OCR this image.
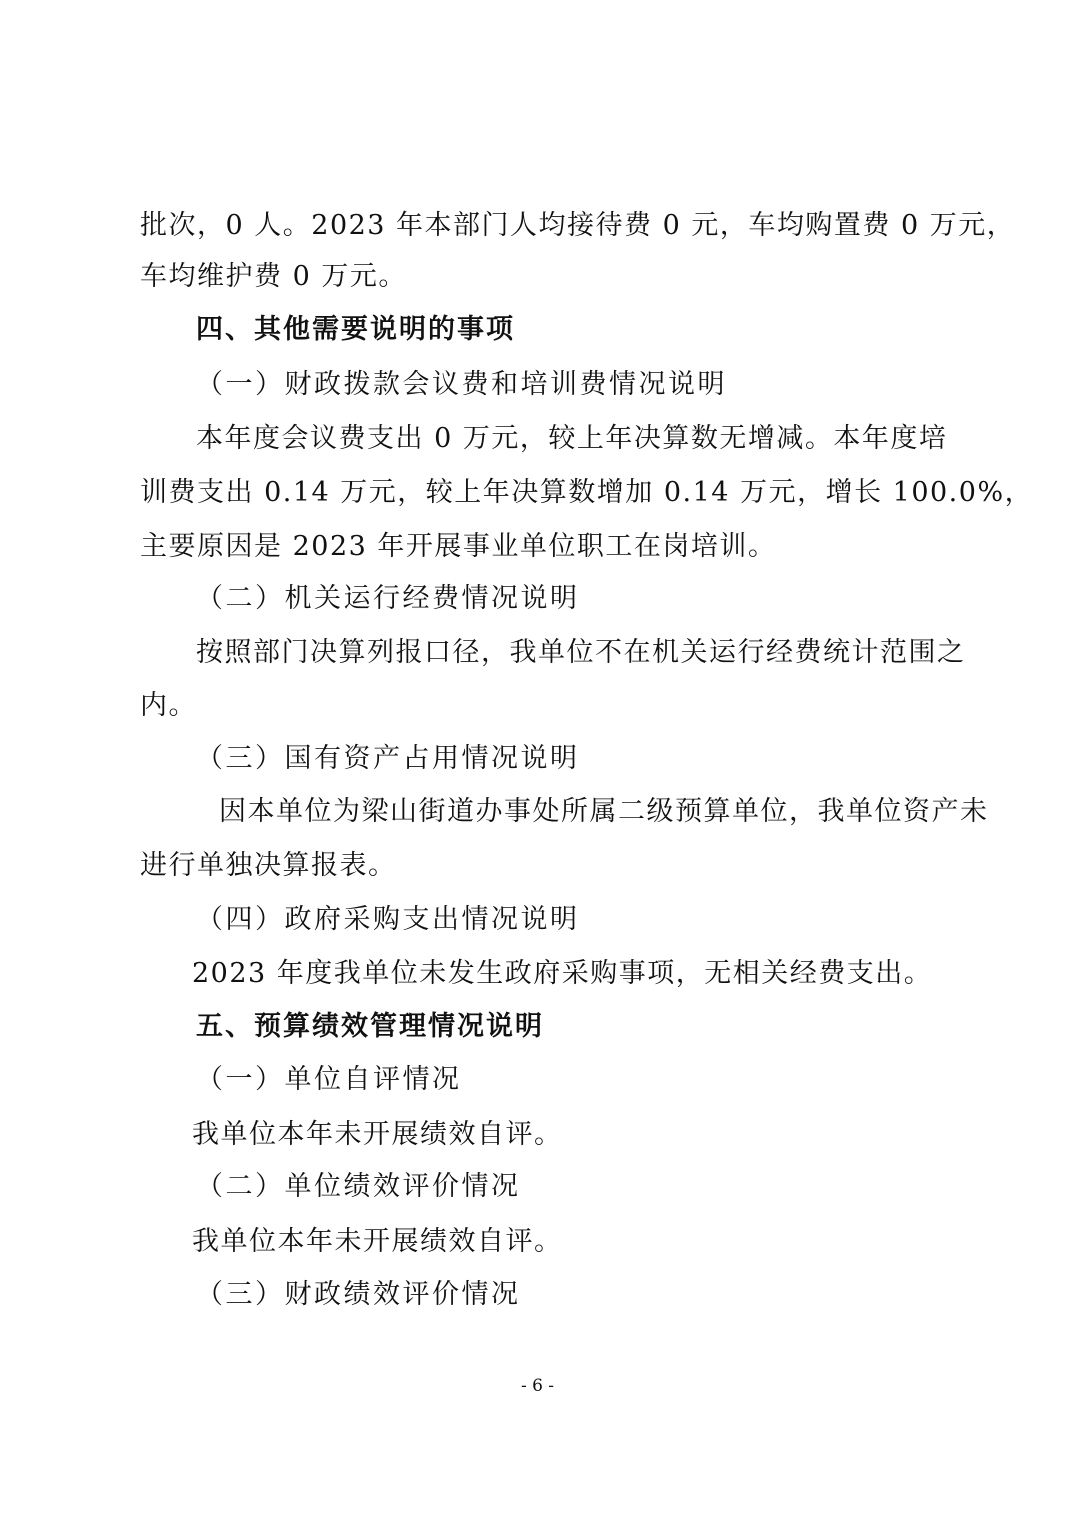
批次，0 人。2023 年本部门人均接待费 0 元，车均购置费 0 万元，
车均维护费 0 万元。
四、其他需要说明的事项
（一）财政拨款会议费和培训费情况说明
本年度会议费支出 0 万元，较上年决算数无增减。本年度培
训费支出 0.14 万元，较上年决算数增加 0.14 万元，增长 100.0%，
主要原因是 2023 年开展事业单位职工在岗培训。
（二）机关运行经费情况说明
按照部门决算列报口径，我单位不在机关运行经费统计范围之
内。
（三）国有资产占用情况说明
因本单位为梁山街道办事处所属二级预算单位，我单位资产未
进行单独决算报表。
（四）政府采购支出情况说明
2023 年度我单位未发生政府采购事项，无相关经费支出。
五、预算绩效管理情况说明
（一）单位自评情况
我单位本年未开展绩效自评。
（二）单位绩效评价情况
我单位本年未开展绩效自评。
（三）财政绩效评价情况
- 6 -
